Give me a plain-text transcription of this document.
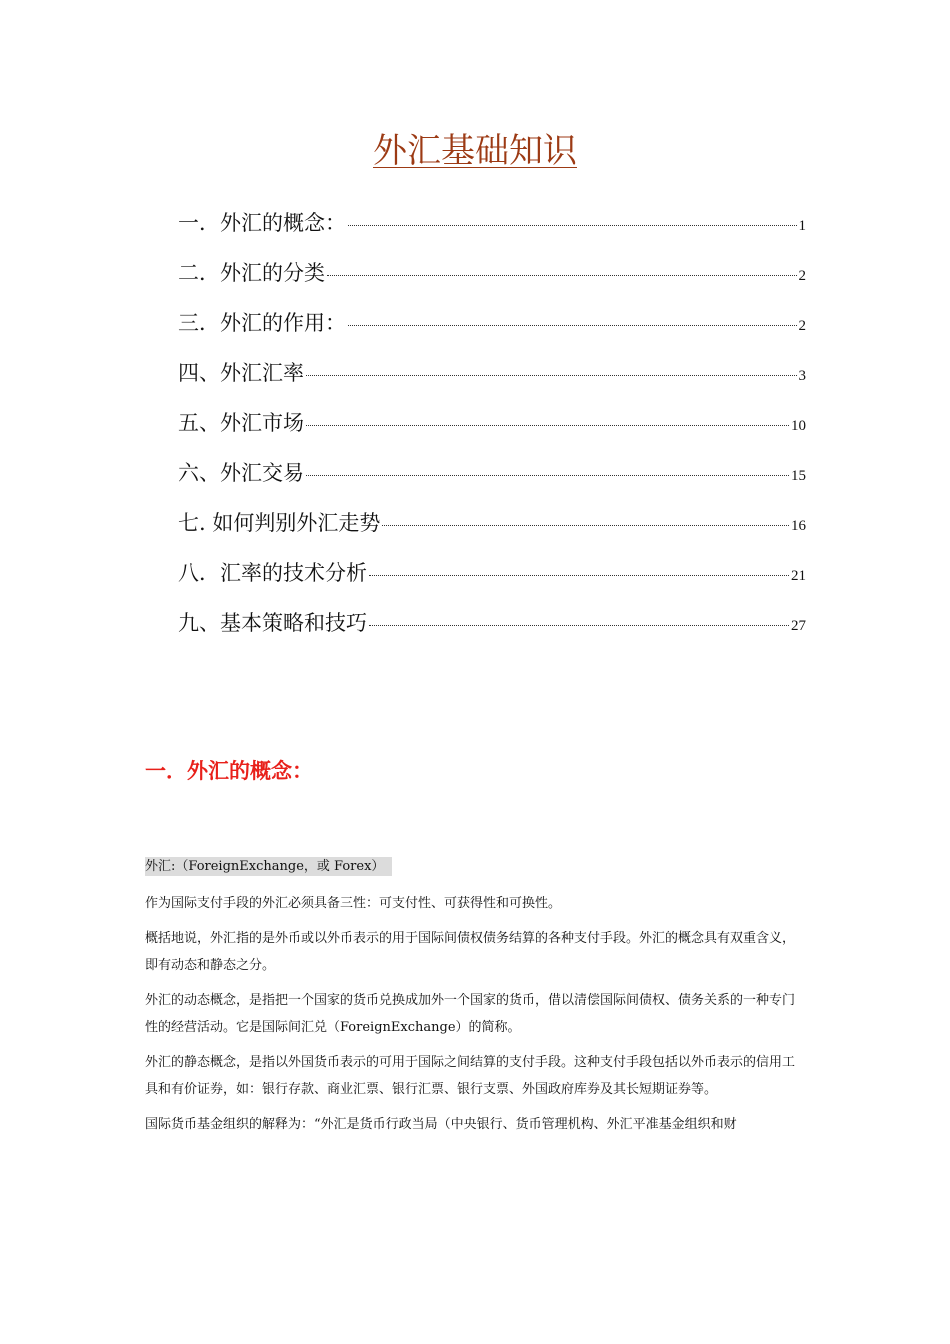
外汇基础知识
一．外汇的概念：	1
二．外汇的分类	2
三．外汇的作用：	2
四、外汇汇率	3
五、外汇市场	10
六、外汇交易	15
七. 如何判别外汇走势	16
八．汇率的技术分析	21
九、基本策略和技巧	27
一．外汇的概念：

外汇:（ForeignExchange，或 Forex）

作为国际支付手段的外汇必须具备三性：可支付性、可获得性和可换性。

概括地说，外汇指的是外币或以外币表示的用于国际间债权债务结算的各种支付手段。外汇的概念具有双重含义，即有动态和静态之分。

外汇的动态概念，是指把一个国家的货币兑换成加外一个国家的货币，借以清偿国际间债权、债务关系的一种专门性的经营活动。它是国际间汇兑（ForeignExchange）的简称。

外汇的静态概念，是指以外国货币表示的可用于国际之间结算的支付手段。这种支付手段包括以外币表示的信用工具和有价证券，如：银行存款、商业汇票、银行汇票、银行支票、外国政府库券及其长短期证券等。

国际货币基金组织的解释为：“外汇是货币行政当局（中央银行、货币管理机构、外汇平准基金组织和财
